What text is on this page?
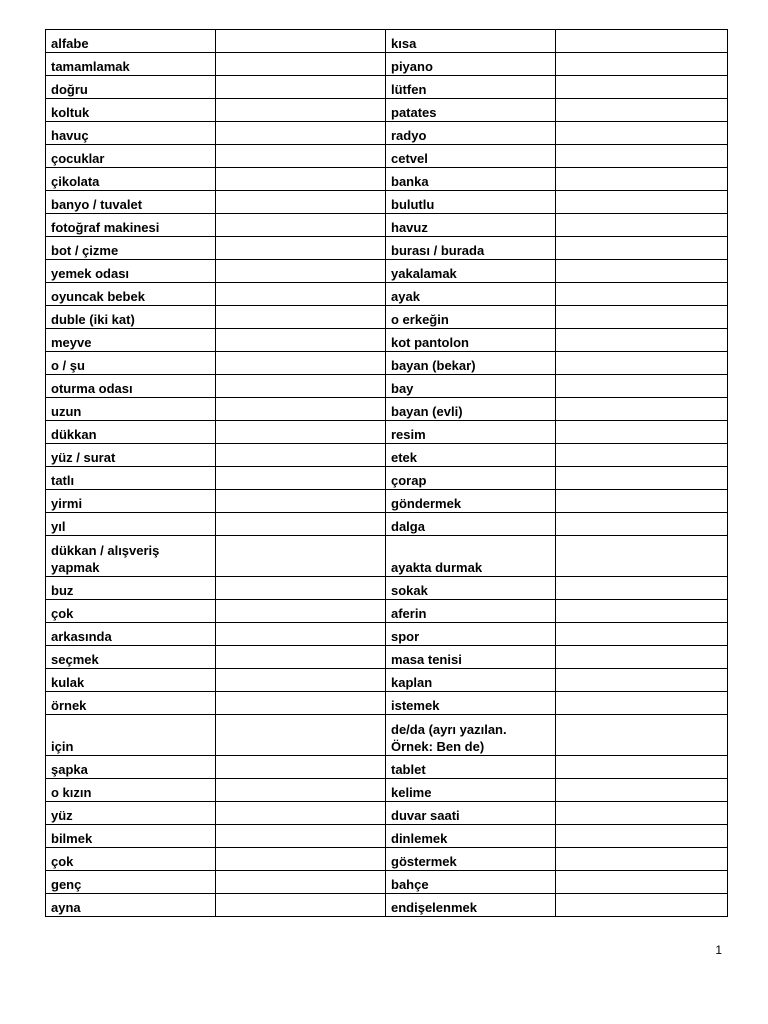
alfabe		kısa	
tamamlamak		piyano	
doğru		lütfen	
koltuk		patates	
havuç		radyo	
çocuklar		cetvel	
çikolata		banka	
banyo / tuvalet		bulutlu	
fotoğraf makinesi		havuz	
bot / çizme		burası / burada	
yemek odası		yakalamak	
oyuncak bebek		ayak	
duble (iki kat)		o erkeğin	
meyve		kot pantolon	
o / şu		bayan (bekar)	
oturma odası		bay	
uzun		bayan (evli)	
dükkan		resim	
yüz / surat		etek	
tatlı		çorap	
yirmi		göndermek	
yıl		dalga	
dükkan / alışveriş yapmak		ayakta durmak	
buz		sokak	
çok		aferin	
arkasında		spor	
seçmek		masa tenisi	
kulak		kaplan	
örnek		istemek	
için		de/da (ayrı yazılan. Örnek: Ben de)	
şapka		tablet	
o kızın		kelime	
yüz		duvar saati	
bilmek		dinlemek	
çok		göstermek	
genç		bahçe	
ayna		endişelenmek	
1
